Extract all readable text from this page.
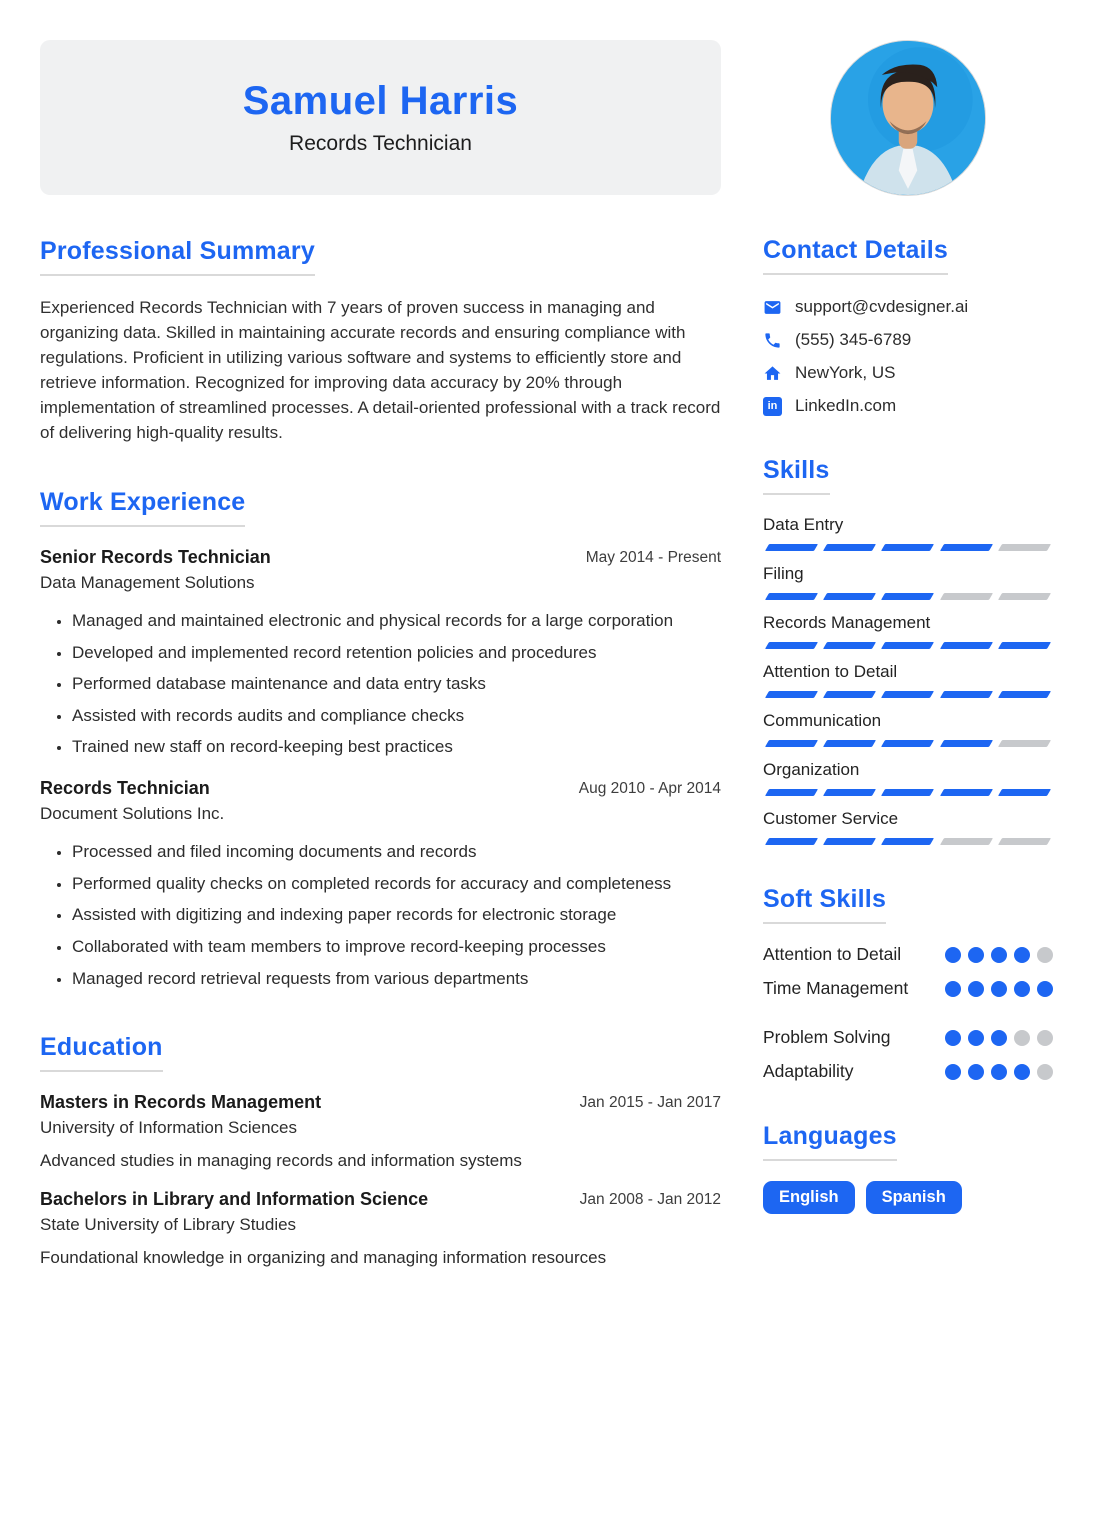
Samuel Harris
Records Technician
Professional Summary

Experienced Records Technician with 7 years of proven success in managing and organizing data. Skilled in maintaining accurate records and ensuring compliance with regulations. Proficient in utilizing various software and systems to efficiently store and retrieve information. Recognized for improving data accuracy by 20% through implementation of streamlined processes. A detail-oriented professional with a track record of delivering high-quality results.

Work Experience
Senior Records Technician	May 2014 - Present
Data Management Solutions
• Managed and maintained electronic and physical records for a large corporation
• Developed and implemented record retention policies and procedures
• Performed database maintenance and data entry tasks
• Assisted with records audits and compliance checks
• Trained new staff on record-keeping best practices
Records Technician	Aug 2010 - Apr 2014
Document Solutions Inc.
• Processed and filed incoming documents and records
• Performed quality checks on completed records for accuracy and completeness
• Assisted with digitizing and indexing paper records for electronic storage
• Collaborated with team members to improve record-keeping processes
• Managed record retrieval requests from various departments
Education
Masters in Records Management	Jan 2015 - Jan 2017
University of Information Sciences
Advanced studies in managing records and information systems
Bachelors in Library and Information Science	Jan 2008 - Jan 2012
State University of Library Studies
Foundational knowledge in organizing and managing information resources
Contact Details
support@cvdesigner.ai
(555) 345-6789
NewYork, US
in LinkedIn.com
Skills
Data Entry
Filing
Records Management
Attention to Detail
Communication
Organization
Customer Service
Soft Skills
Attention to Detail
Time Management
Problem Solving
Adaptability
Languages
English	Spanish
